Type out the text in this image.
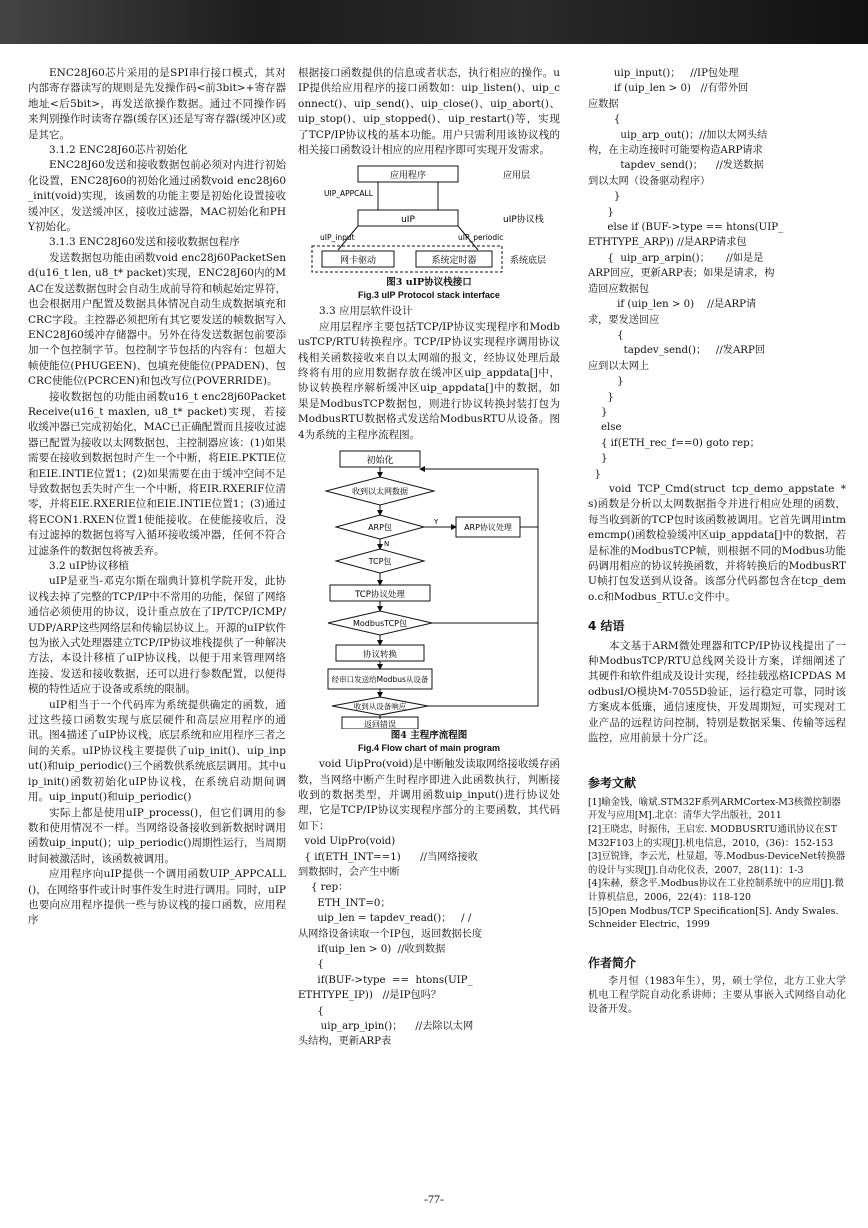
ENC28J60芯片采用的是SPI串行接口模式，其对内部寄存器读写的规则是先发操作码<前3bit>+寄存器地址<后5bit>，再发送欲操作数据。通过不同操作码来判别操作时读寄存器(缓存区)还是写寄存器(缓冲区)或是其它。

3.1.2 ENC28J60芯片初始化

ENC28J60发送和接收数据包前必须对内进行初始化设置，ENC28J60的初始化通过函数void enc28j60_init(void)实现，该函数的功能主要是初始化设置接收缓冲区，发送缓冲区，接收过滤器，MAC初始化和PHY初始化。

3.1.3 ENC28J60发送和接收数据包程序

发送数据包功能由函数void enc28j60PacketSend(u16_t len, u8_t* packet)实现，ENC28J60内的MAC在发送数据包时会自动生成前导符和帧起始定界符，也会根据用户配置及数据具体情况自动生成数据填充和CRC字段。主控器必须把所有其它要发送的帧数据写入ENC28J60缓冲存储器中。另外在待发送数据包前要添加一个包控制字节。包控制字节包括的内容有：包超大帧使能位(PHUGEEN)、包填充使能位(PPADEN)、包CRC使能位(PCRCEN)和包改写位(POVERRIDE)。

接收数据包的功能由函数u16_t enc28j60PacketReceive(u16_t maxlen, u8_t* packet)实现，若接收缓冲器已完成初始化，MAC已正确配置而且接收过滤器已配置为接收以太网数据包，主控制器应该：(1)如果需要在接收到数据包时产生一个中断，将EIE.PKTIE位和EIE.INTIE位置1；(2)如果需要在由于缓冲空间不足导致数据包丢失时产生一个中断，将EIR.RXERIF位清零，并将EIE.RXERIE位和EIE.INTIE位置1；(3)通过将ECON1.RXEN位置1使能接收。在使能接收后，没有过滤掉的数据包将写入循环接收缓冲器，任何不符合过滤条件的数据包将被丢弃。

3.2 uIP协议移植

uIP是亚当-邓克尔斯在瑞典计算机学院开发，此协议栈去掉了完整的TCP/IP中不常用的功能，保留了网络通信必须使用的协议，设计重点放在了IP/TCP/ICMP/UDP/ARP这些网络层和传输层协议上。开源的uIP软件包为嵌入式处理器建立TCP/IP协议堆栈提供了一种解决方法，本设计移植了uIP协议栈，以便于用来管理网络连接、发送和接收数据，还可以进行参数配置，以便得模的特性适应于设备或系统的限制。

uIP相当于一个代码库为系统提供确定的函数，通过这些接口函数实现与底层硬件和高层应用程序的通讯。图4描述了uIP协议栈，底层系统和应用程序三者之间的关系。uIP协议栈主要提供了uip_init()、uip_input()和uip_periodic()三个函数供系统底层调用。其中uip_init()函数初始化uIP协议栈，在系统启动期间调用。uip_input()和uip_periodic()

实际上都是使用uIP_process()，但它们调用的参数和使用情况不一样。当网络设备接收到新数据时调用函数uip_input()；uip_periodic()周期性运行，当周期时间被激活时，该函数被调用。

应用程序向uIP提供一个调用函数UIP_APPCALL()，在网络事件或计时事件发生时进行调用。同时，uIP也要向应用程序提供一些与协议栈的接口函数，应用程序

根据接口函数提供的信息或者状态，执行相应的操作。uIP提供给应用程序的接口函数如：uip_listen()、uip_connect()、uip_send()、uip_close()、uip_abort()、uip_stop()、uip_stopped()、uip_restart()等，实现了TCP/IP协议栈的基本功能。用户只需利用该协议栈的相关接口函数设计相应的应用程序即可实现开发需求。

应用程序	应用层
UIP_APPCALL
uIP	uIP协议栈
uIP_input	uIP_periodic
网卡驱动	系统定时器	系统底层

图3 uIP协议栈接口

Fig.3 uIP Protocol stack interface

3.3 应用层软件设计

应用层程序主要包括TCP/IP协议实现程序和ModbusTCP/RTU转换程序。TCP/IP协议实现程序调用协议栈相关函数接收来自以太网端的报文，经协议处理后最终将有用的应用数据存放在缓冲区uip_appdata[]中，协议转换程序解析缓冲区uip_appdata[]中的数据，如果是ModbusTCP数据包，则进行协议转换封装打包为ModbusRTU数据格式发送给ModbusRTU从设备。图4为系统的主程序流程图。

初始化
收到以太网数据
ARP包
Y
ARP协议处理
N
TCP包
TCP协议处理
ModbusTCP包
协议转换
经串口发送给Modbus从设备
收到从设备响应
返回错误

图4 主程序流程图

Fig.4 Flow chart of main program

void UipPro(void)是中断触发读取网络接收缓存函数，当网络中断产生时程序即进入此函数执行，判断接收到的数据类型，并调用函数uip_input()进行协议处理，它是TCP/IP协议实现程序部分的主要函数，其代码如下：

void UipPro(void)
{ if(ETH_INT==1)      //当网络接收
到数据时，会产生中断
{ rep：
ETH_INT=0；
uip_len = tapdev_read()；   / /
从网络设备读取一个IP包，返回数据长度
if(uip_len > 0)  //收到数据
{
if(BUF->type  ==  htons(UIP_
ETHTYPE_IP))   //是IP包吗？
{
uip_arp_ipin()；    //去除以太网
头结构，更新ARP表

uip_input()；   //IP包处理
if (uip_len > 0)   //有带外回
应数据
{
uip_arp_out()；//加以太网头结
构，在主动连接时可能要构造ARP请求
tapdev_send()；    //发送数据
到以太网（设备驱动程序）
}
}
else if (BUF->type == htons(UIP_
ETHTYPE_ARP)) //是ARP请求包
{  uip_arp_arpin()；     //如是是
ARP回应，更新ARP表；如果是请求，构
造回应数据包
if (uip_len > 0)    //是ARP请
求，要发送回应
{
tapdev_send()；   //发ARP回
应到以太网上
}
}
}
else
{ if(ETH_rec_f==0) goto rep；
}
}

void TCP_Cmd(struct tcp_demo_appstate *s)函数是分析以太网数据指令并进行相应处理的函数，每当收到新的TCP包时该函数被调用。它首先调用intmemcmp()函数检验缓冲区uip_appdata[]中的数据，若是标准的ModbusTCP帧，则根据不同的Modbus功能码调用相应的协议转换函数，并将转换后的ModbusRTU帧打包发送到从设备。该部分代码都包含在tcp_demo.c和Modbus_RTU.c文件中。

4 结语

本文基于ARM微处理器和TCP/IP协议栈提出了一种ModbusTCP/RTU总线网关设计方案，详细阐述了其硬件和软件组成及设计实现，经挂载泓格ICPDAS ModbusI/O模块M-7055D验证，运行稳定可靠，同时该方案成本低廉，通信速度快，开发周期短，可实现对工业产品的远程访问控制，特别是数据采集、传输等远程监控，应用前景十分广泛。

参考文献

[1]喻金钱，喻斌.STM32F系列ARMCortex-M3核微控制器开发与应用[M].北京：清华大学出版社，2011

[2]王晓忠，时振伟，王启宏. MODBUSRTU通讯协议在STM32F103上的实现[J].机电信息，2010，(36)：152-153

[3]豆锐锋，李云光，杜显超，等.Modbus-DeviceNet转换器的设计与实现[J].自动化仪表，2007，28(11)：1-3

[4]朱赫，蔡念平.Modbus协议在工业控制系统中的应用[J].微计算机信息，2006，22(4)：118-120

[5]Open Modbus/TCP Specification[S]. Andy Swales. Schneider Electric，1999

作者简介

李月恒（1983年生），男，硕士学位，北方工业大学机电工程学院自动化系讲师；主要从事嵌入式网络自动化设备开发。

-77-
